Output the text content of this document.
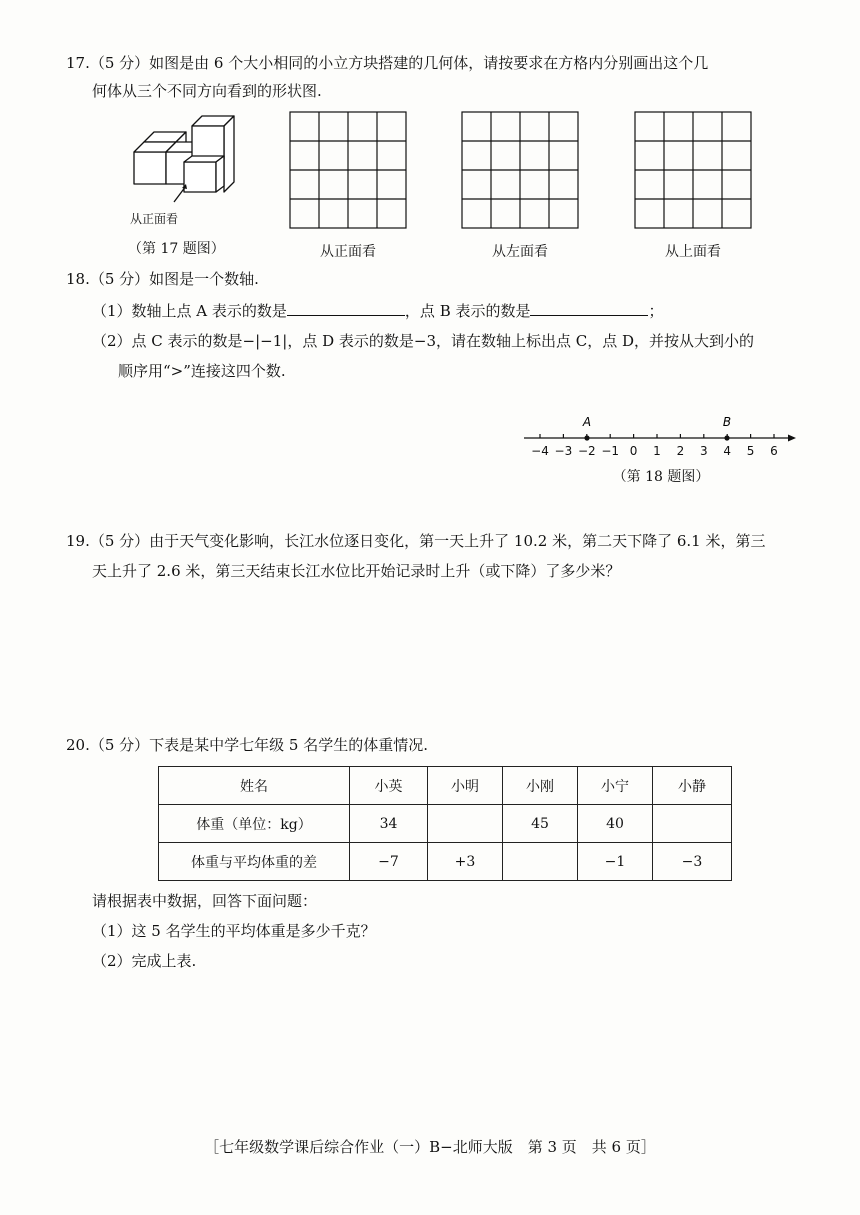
17.（5 分）如图是由 6 个大小相同的小立方块搭建的几何体，请按要求在方格内分别画出这个几
何体从三个不同方向看到的形状图.
从正面看
（第 17 题图）	从正面看	从左面看	从上面看
18.（5 分）如图是一个数轴.
（1）数轴上点 A 表示的数是	，点 B 表示的数是	；
（2）点 C 表示的数是−|−1|，点 D 表示的数是−3，请在数轴上标出点 C，点 D，并按从大到小的
顺序用“>”连接这四个数.
−4 −3 −2 −1 0 1 2 3 4 5 6
A	B
（第 18 题图）
19.（5 分）由于天气变化影响，长江水位逐日变化，第一天上升了 10.2 米，第二天下降了 6.1 米，第三
天上升了 2.6 米，第三天结束长江水位比开始记录时上升（或下降）了多少米？
20.（5 分）下表是某中学七年级 5 名学生的体重情况.
姓名	小英	小明	小刚	小宁	小静
体重（单位：kg）	34		45	40	
体重与平均体重的差	−7	+3		−1	−3
请根据表中数据，回答下面问题：
（1）这 5 名学生的平均体重是多少千克？
（2）完成上表.
［七年级数学课后综合作业（一）B−北师大版　第 3 页　共 6 页］
